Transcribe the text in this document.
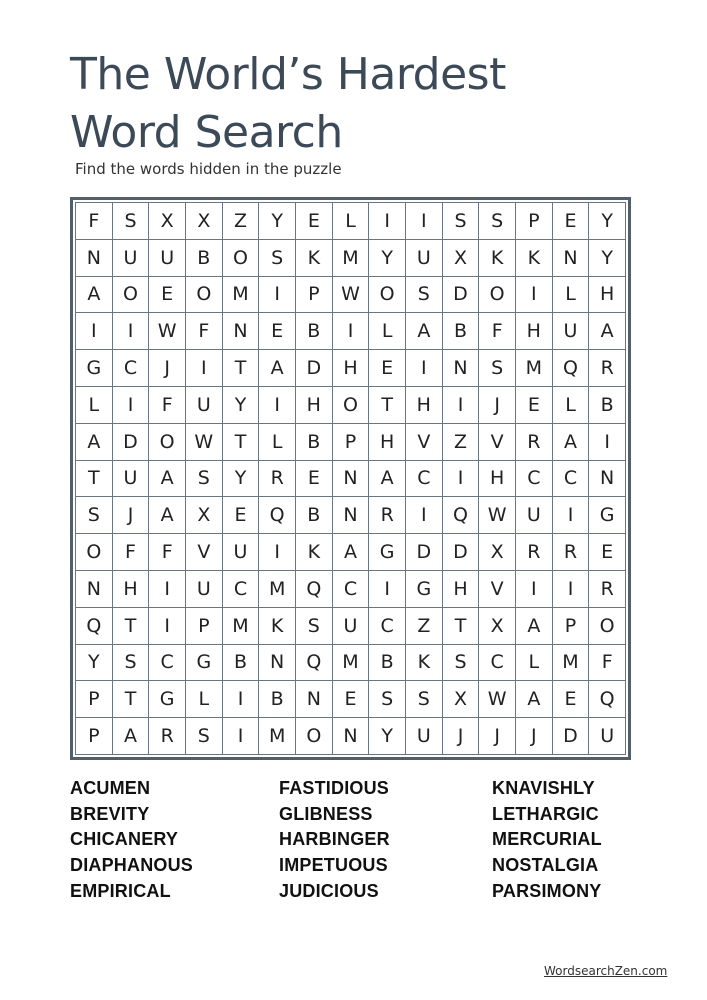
The World’s Hardest
Word Search
Find the words hidden in the puzzle
F	S	X	X	Z	Y	E	L	I	I	S	S	P	E	Y
N	U	U	B	O	S	K	M	Y	U	X	K	K	N	Y
A	O	E	O	M	I	P	W	O	S	D	O	I	L	H
I	I	W	F	N	E	B	I	L	A	B	F	H	U	A
G	C	J	I	T	A	D	H	E	I	N	S	M	Q	R
L	I	F	U	Y	I	H	O	T	H	I	J	E	L	B
A	D	O	W	T	L	B	P	H	V	Z	V	R	A	I
T	U	A	S	Y	R	E	N	A	C	I	H	C	C	N
S	J	A	X	E	Q	B	N	R	I	Q	W	U	I	G
O	F	F	V	U	I	K	A	G	D	D	X	R	R	E
N	H	I	U	C	M	Q	C	I	G	H	V	I	I	R
Q	T	I	P	M	K	S	U	C	Z	T	X	A	P	O
Y	S	C	G	B	N	Q	M	B	K	S	C	L	M	F
P	T	G	L	I	B	N	E	S	S	X	W	A	E	Q
P	A	R	S	I	M	O	N	Y	U	J	J	J	D	U
ACUMEN
BREVITY
CHICANERY
DIAPHANOUS
EMPIRICAL
FASTIDIOUS
GLIBNESS
HARBINGER
IMPETUOUS
JUDICIOUS
KNAVISHLY
LETHARGIC
MERCURIAL
NOSTALGIA
PARSIMONY
WordsearchZen.com
